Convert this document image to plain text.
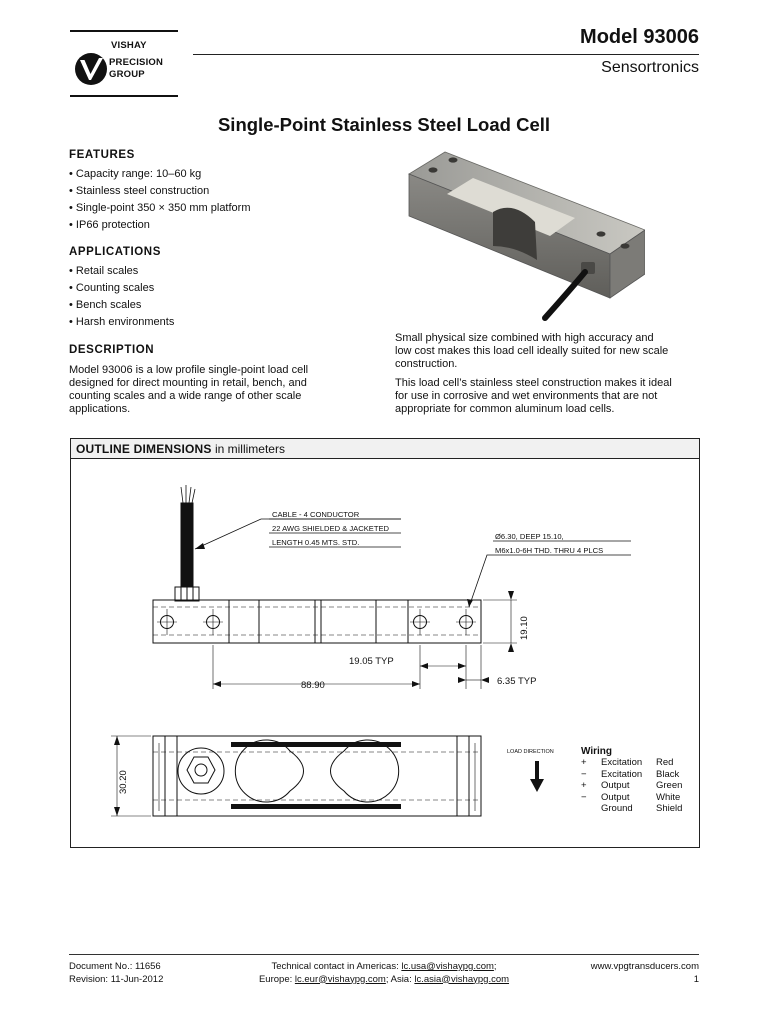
VISHAY
PRECISION
GROUP
Model 93006
Sensortronics
Single-Point Stainless Steel Load Cell
FEATURES
• Capacity range: 10–60 kg
• Stainless steel construction
• Single-point 350 × 350 mm platform
• IP66 protection
APPLICATIONS
• Retail scales
• Counting scales
• Bench scales
• Harsh environments
DESCRIPTION
Model 93006 is a low profile single-point load cell
designed for direct mounting in retail, bench, and
counting scales and a wide range of other scale
applications.
Small physical size combined with high accuracy and
low cost makes this load cell ideally suited for new scale
construction.
This load cell’s stainless steel construction makes it ideal
for use in corrosive and wet environments that are not
appropriate for common aluminum load cells.
OUTLINE DIMENSIONS in millimeters
CABLE - 4 CONDUCTOR
22 AWG SHIELDED & JACKETED
LENGTH 0.45 MTS. STD.
Ø6.30, DEEP 15.10,
M6x1.0-6H THD. THRU 4 PLCS
19.10
19.05 TYP
88.90	6.35 TYP
30.20
LOAD DIRECTION	Wiring
+ Excitation Red
− Excitation Black
+ Output	Green
− Output	White
Ground Shield
Document No.: 11656
Revision: 11-Jun-2012
Technical contact in Americas: lc.usa@vishaypg.com;
Europe: lc.eur@vishaypg.com; Asia: lc.asia@vishaypg.com
www.vpgtransducers.com
1
